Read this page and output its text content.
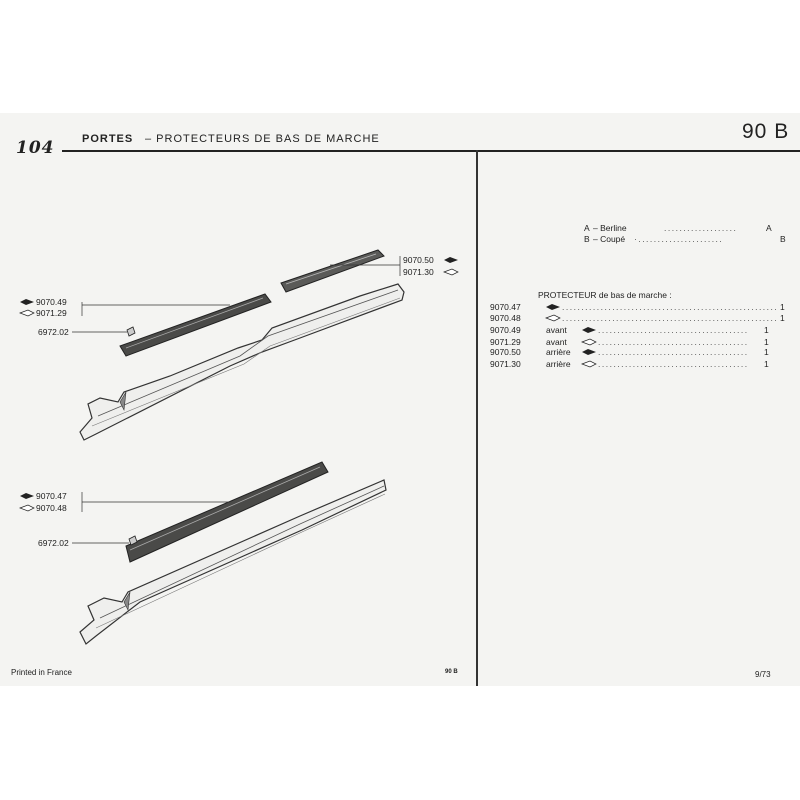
104	PORTES – PROTECTEURS DE BAS DE MARCHE	90 B
9070.49
9071.29
9070.50
9071.30
6972.02
9070.47
9070.48
6972.02
A – Berline	...................	A
B – Coupé ·......................	B
PROTECTEUR de bas de marche :
9070.47	........................................................ 1
9070.48	........................................................ 1
9070.49	avant	....................................... 1
9071.29	avant	....................................... 1
9070.50	arrière	....................................... 1
9071.30	arrière	....................................... 1
Printed in France	90 B	9/73
